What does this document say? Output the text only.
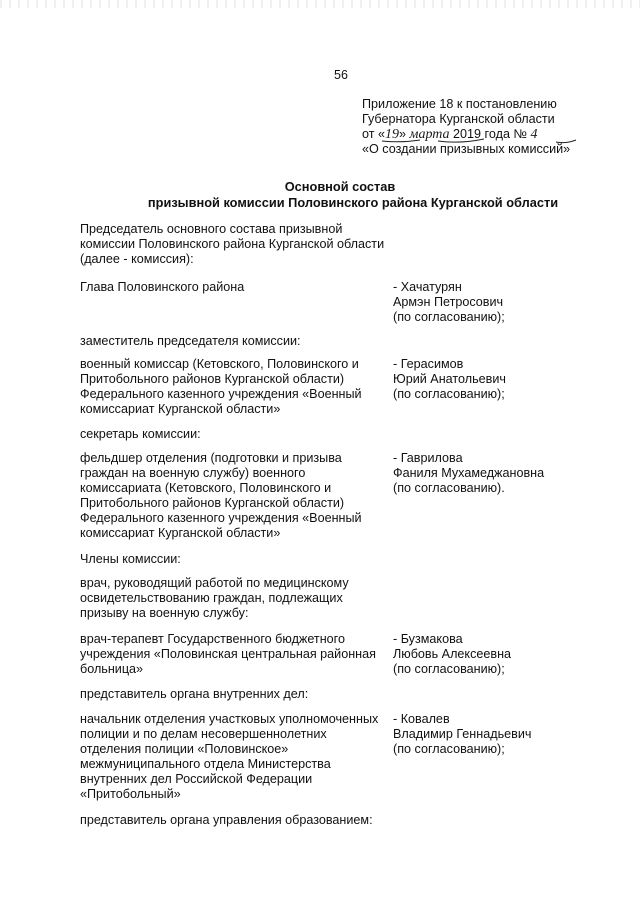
56
Приложение 18 к постановлению
Губернатора Курганской области
от «19» марта 2019 года № 4
«О создании призывных комиссий»
Основной состав
призывной комиссии Половинского района Курганской области
Председатель основного состава призывной комиссии Половинского района Курганской области (далее - комиссия):
Глава Половинского района	- Хачатурян
Армэн Петросович
(по согласованию);
заместитель председателя комиссии:
военный комиссар (Кетовского, Половинского и Притобольного районов Курганской области) Федерального казенного учреждения «Военный комиссариат Курганской области»
- Герасимов
Юрий Анатольевич
(по согласованию);
секретарь комиссии:
фельдшер отделения (подготовки и призыва граждан на военную службу) военного комиссариата (Кетовского, Половинского и Притобольного районов Курганской области) Федерального казенного учреждения «Военный комиссариат Курганской области»
- Гаврилова
Фаниля Мухамеджановна
(по согласованию).
Члены комиссии:
врач, руководящий работой по медицинскому освидетельствованию граждан, подлежащих призыву на военную службу:
врач-терапевт Государственного бюджетного учреждения «Половинская центральная районная больница»
- Бузмакова
Любовь Алексеевна
(по согласованию);
представитель органа внутренних дел:
начальник отделения участковых уполномоченных полиции и по делам несовершеннолетних отделения полиции «Половинское» межмуниципального отдела Министерства внутренних дел Российской Федерации «Притобольный»
- Ковалев
Владимир Геннадьевич
(по согласованию);
представитель органа управления образованием:
